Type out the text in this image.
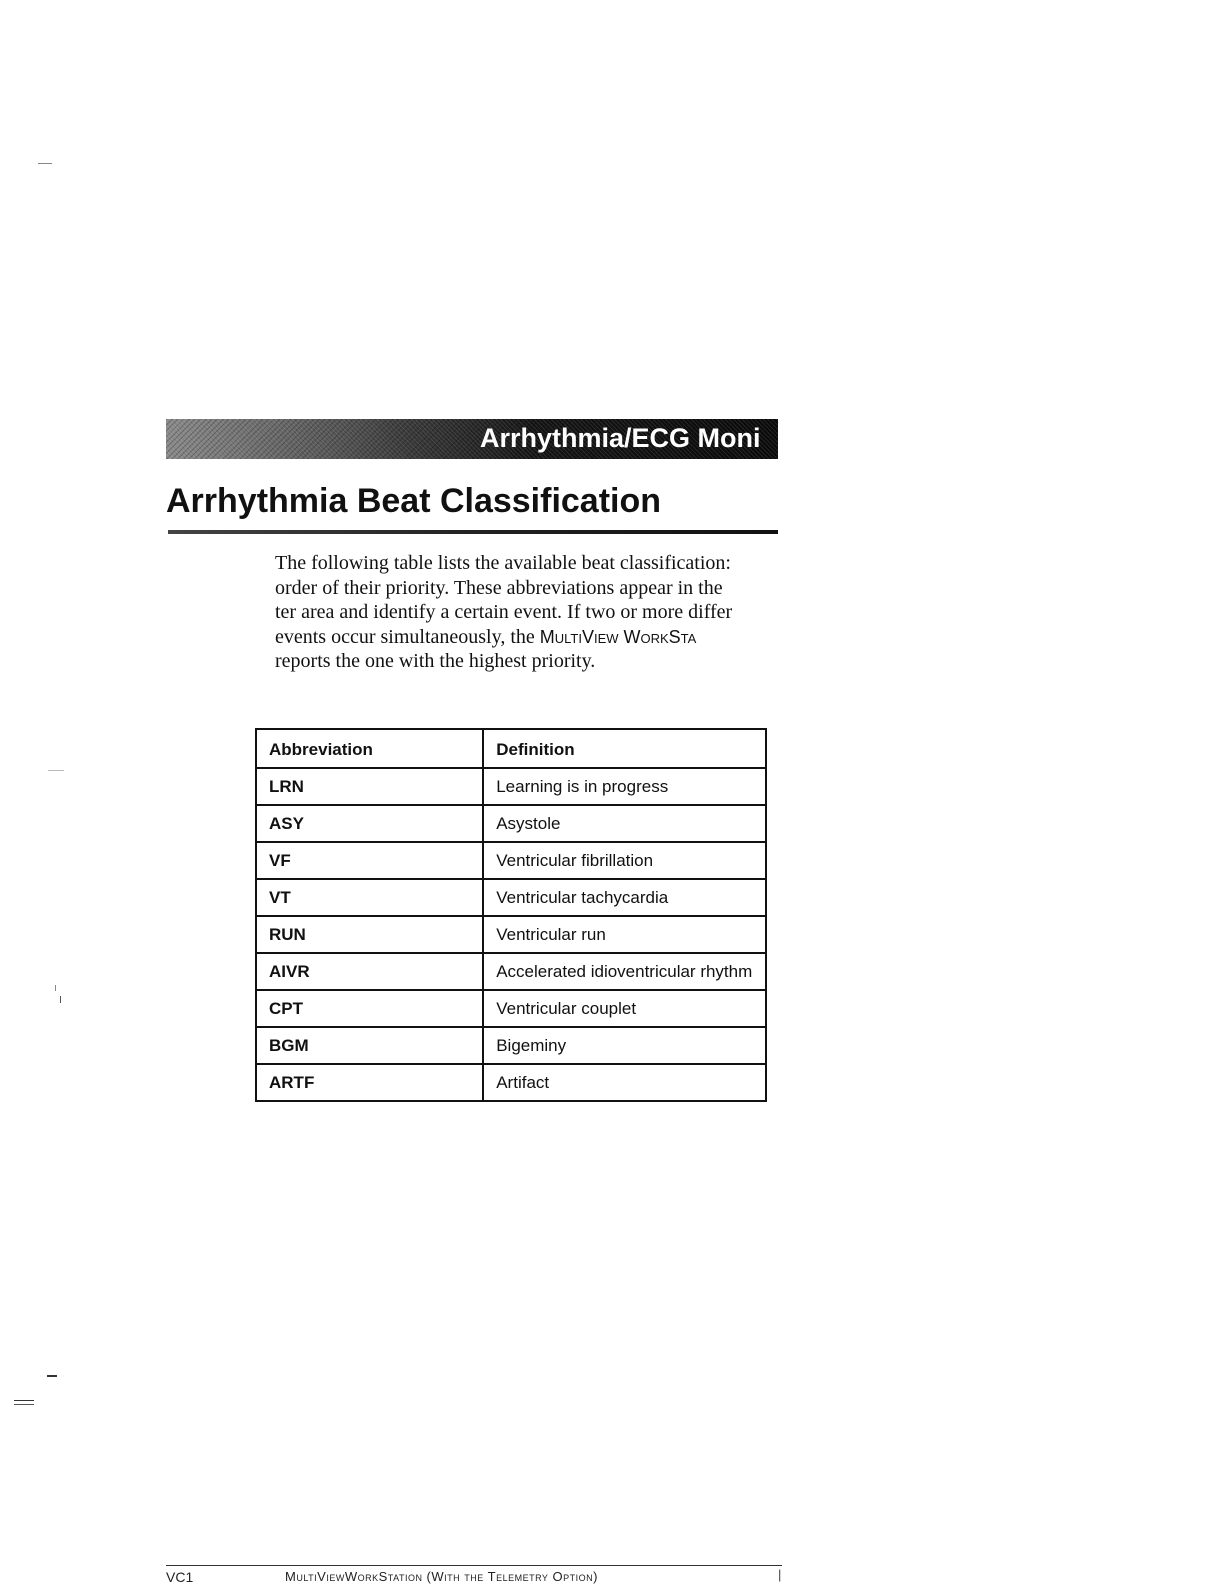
Arrhythmia/ECG Moni
Arrhythmia Beat Classification
The following table lists the available beat classification:
order of their priority. These abbreviations appear in the
ter area and identify a certain event. If two or more differ
events occur simultaneously, the MultiView WorkSta
reports the one with the highest priority.
Abbreviation	Definition
LRN	Learning is in progress
ASY	Asystole
VF	Ventricular fibrillation
VT	Ventricular tachycardia
RUN	Ventricular run
AIVR	Accelerated idioventricular rhythm
CPT	Ventricular couplet
BGM	Bigeminy
ARTF	Artifact
VC1	MultiViewWorkStation (With the Telemetry Option)	|
